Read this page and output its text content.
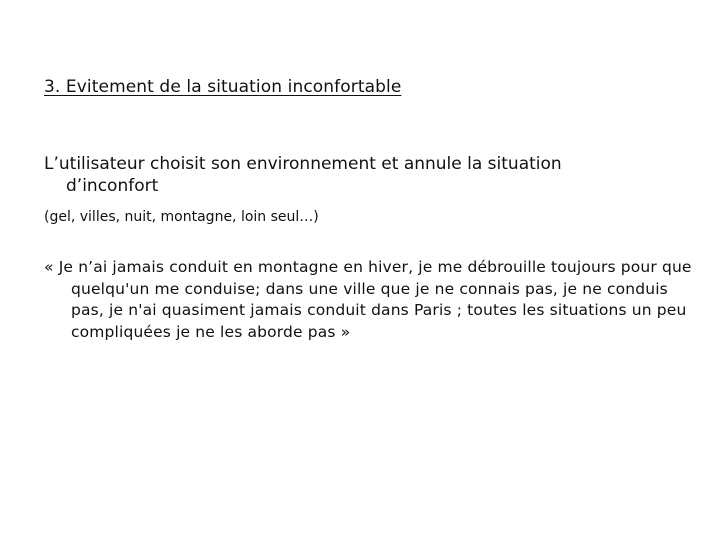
3. Evitement de la situation inconfortable
L’utilisateur choisit son environnement et annule la situation d’inconfort
(gel, villes, nuit, montagne, loin seul…)
« Je n’ai jamais conduit en montagne en hiver, je me débrouille toujours pour que quelqu'un me conduise; dans une ville que je ne connais pas, je ne conduis pas, je n'ai quasiment jamais conduit dans Paris ; toutes les situations un peu compliquées je ne les aborde pas »
